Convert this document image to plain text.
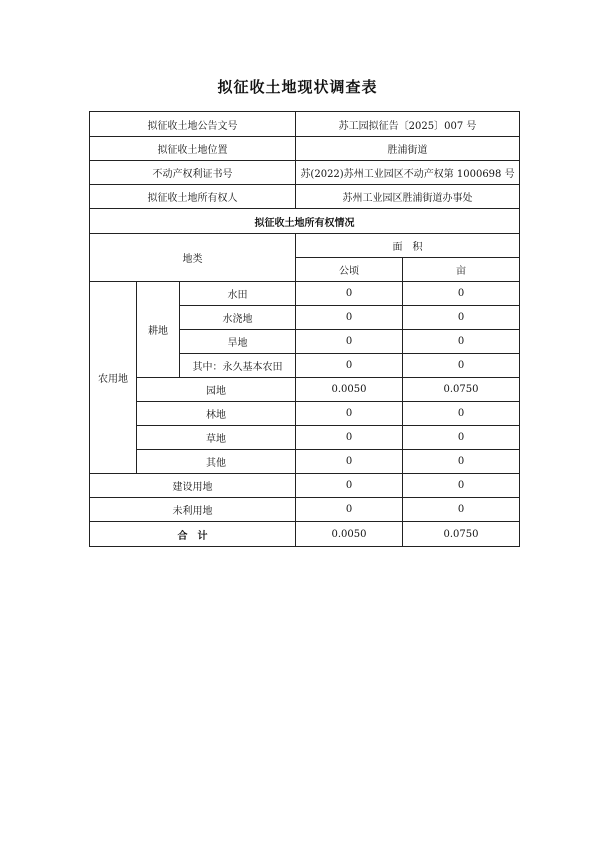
拟征收土地现状调查表
拟征收土地公告文号			苏工园拟征告〔2025〕007 号	
拟征收土地位置			胜浦街道	
不动产权利证书号			苏(2022)苏州工业园区不动产权第 1000698 号	
拟征收土地所有权人			苏州工业园区胜浦街道办事处	
拟征收土地所有权情况				
地类			面　积	
			公顷	亩
农用地	耕地	水田	0	0
		水浇地	0	0
		旱地	0	0
		其中：永久基本农田	0	0
	园地		0.0050	0.0750
	林地		0	0
	草地		0	0
	其他		0	0
建设用地			0	0
未利用地			0	0
合　计			0.0050	0.0750
